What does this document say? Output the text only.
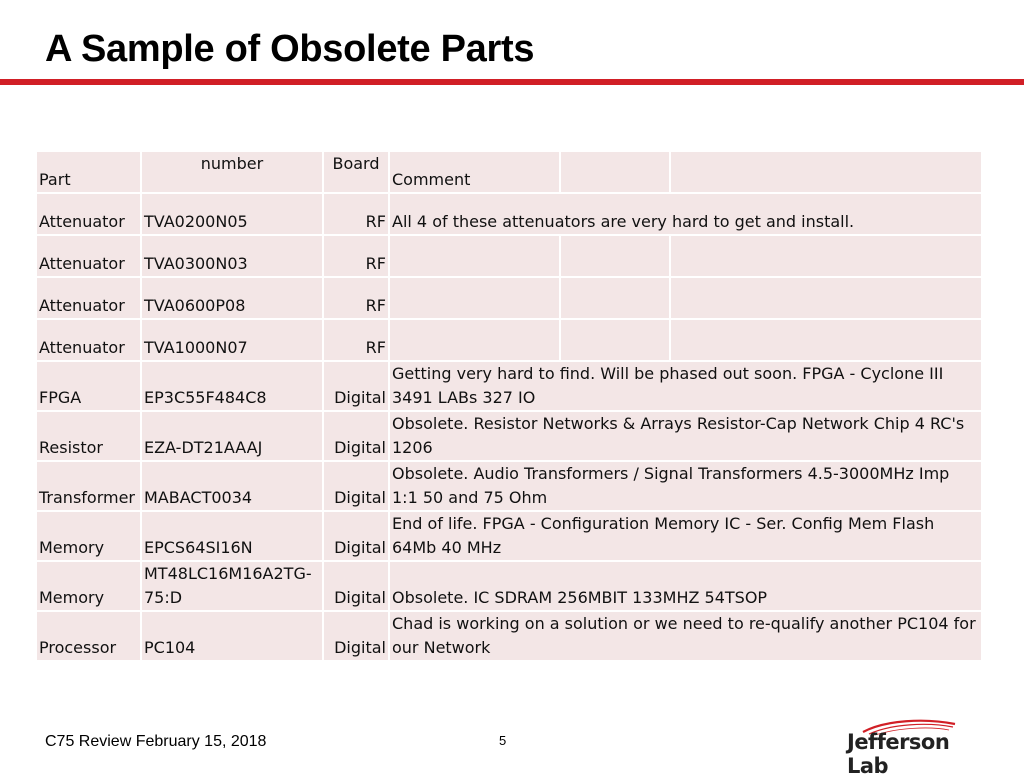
A Sample of Obsolete Parts
Part	number	Board	Comment		
Attenuator	TVA0200N05	RF	All 4 of these attenuators are very hard to get and install.		
Attenuator	TVA0300N03	RF			
Attenuator	TVA0600P08	RF			
Attenuator	TVA1000N07	RF			
FPGA	EP3C55F484C8	Digital	Getting very hard to find. Will be phased out soon. FPGA - Cyclone III 3491 LABs 327 IO		
Resistor	EZA-DT21AAAJ	Digital	Obsolete. Resistor Networks & Arrays Resistor-Cap Network Chip 4 RC's 1206		
Transformer	MABACT0034	Digital	Obsolete. Audio Transformers / Signal Transformers 4.5-3000MHz Imp 1:1 50 and 75 Ohm		
Memory	EPCS64SI16N	Digital	End of life. FPGA - Configuration Memory IC - Ser. Config Mem Flash 64Mb 40 MHz		
Memory	MT48LC16M16A2TG-75:D	Digital	Obsolete. IC SDRAM 256MBIT 133MHZ 54TSOP		
Processor	PC104	Digital	Chad is working on a solution or we need to re-qualify another PC104 for our Network		
C75 Review February 15, 2018	5	Jefferson Lab
